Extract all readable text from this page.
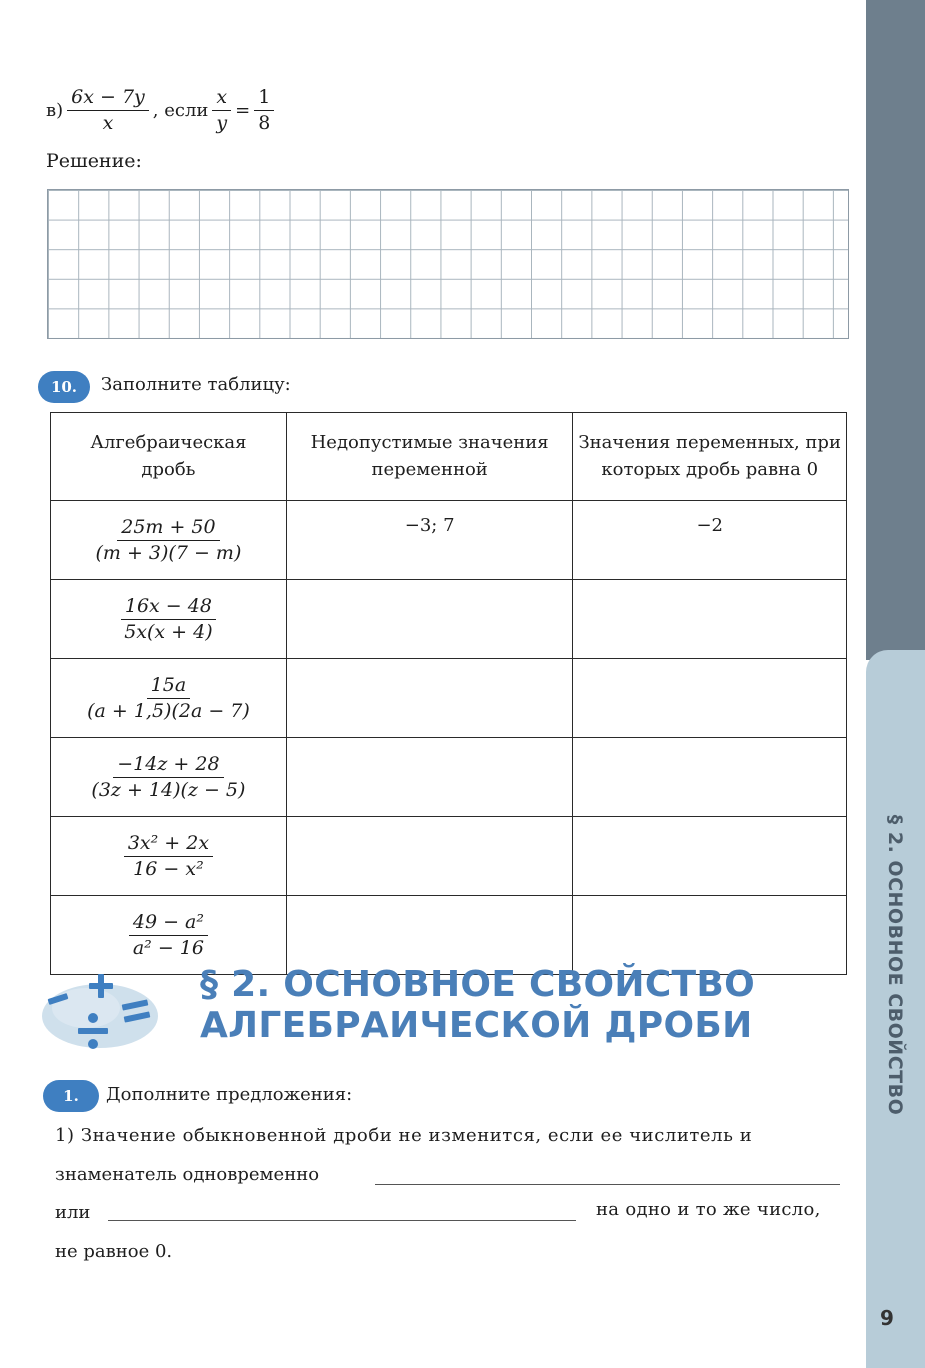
§ 2. ОСНОВНОЕ СВОЙСТВО
9
$в) \frac{6x - 7y}{x}$ , если $\frac{x}{y} = \frac{1}{8}$
Решение:
10.	Заполните таблицу:
Алгебраическая дробь	Недопустимые значения переменной	Значения переменных, при которых дробь равна 0

$\frac{25m + 50}{(m + 3)(7 - m)}$	−3; 7	−2

$\frac{16x - 48}{5x(x + 4)}$

$\frac{15a}{(a + 1,5)(2a - 7)}$

$\frac{-14z + 28}{(3z + 14)(z - 5)}$

$\frac{\text{3x² + 2x}}{\text{16 − x²}}$

$\frac{\text{49 − a²}}{\text{a² − 16}}$

§ 2. ОСНОВНОЕ СВОЙСТВО
АЛГЕБРАИЧЕСКОЙ ДРОБИ
1.	Дополните предложения:
1) Значение обыкновенной дроби не изменится, если ее числитель и
знаменатель одновременно
или	на одно и то же число,
не равное 0.
